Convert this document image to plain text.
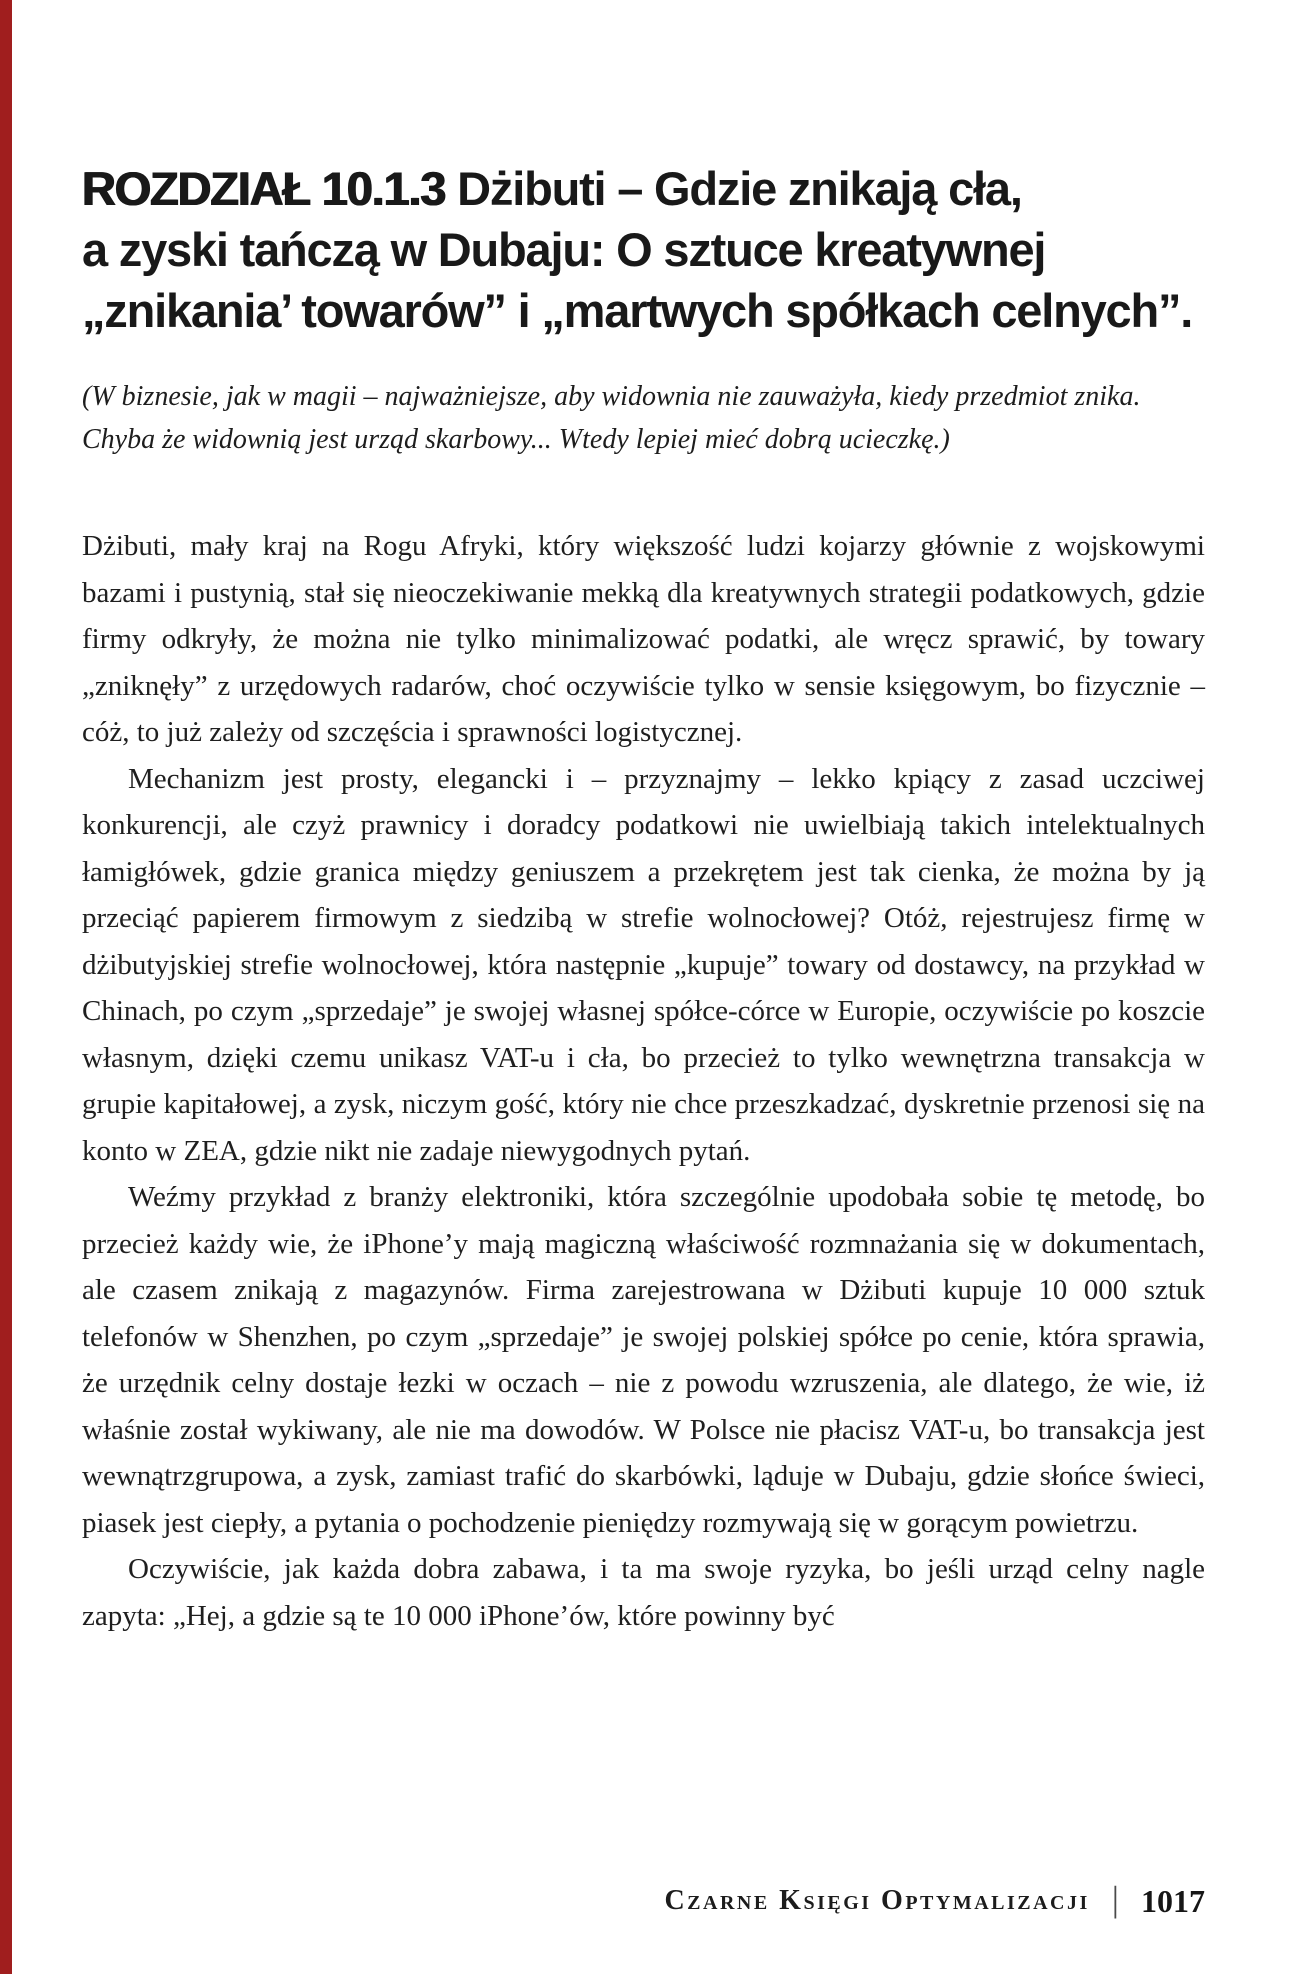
ROZDZIAŁ 10.1.3 Dżibuti – Gdzie znikają cła,
a zyski tańczą w Dubaju: O sztuce kreatywnej
„znikania’ towarów” i „martwych spółkach celnych”.

(W biznesie, jak w magii – najważniejsze, aby widownia nie zauważyła, kiedy przedmiot znika. Chyba że widownią jest urząd skarbowy... Wtedy lepiej mieć dobrą ucieczkę.)

Dżibuti, mały kraj na Rogu Afryki, który większość ludzi kojarzy głównie z wojskowymi bazami i pustynią, stał się nieoczekiwanie mekką dla kreatywnych strategii podatkowych, gdzie firmy odkryły, że można nie tylko minimalizować podatki, ale wręcz sprawić, by towary „zniknęły” z urzędowych radarów, choć oczywiście tylko w sensie księgowym, bo fizycznie – cóż, to już zależy od szczęścia i sprawności logistycznej.

Mechanizm jest prosty, elegancki i – przyznajmy – lekko kpiący z zasad uczciwej konkurencji, ale czyż prawnicy i doradcy podatkowi nie uwielbiają takich intelektualnych łamigłówek, gdzie granica między geniuszem a przekrętem jest tak cienka, że można by ją przeciąć papierem firmowym z siedzibą w strefie wolnocłowej? Otóż, rejestrujesz firmę w dżibutyjskiej strefie wolnocłowej, która następnie „kupuje” towary od dostawcy, na przykład w Chinach, po czym „sprzedaje” je swojej własnej spółce-córce w Europie, oczywiście po koszcie własnym, dzięki czemu unikasz VAT-u i cła, bo przecież to tylko wewnętrzna transakcja w grupie kapitałowej, a zysk, niczym gość, który nie chce przeszkadzać, dyskretnie przenosi się na konto w ZEA, gdzie nikt nie zadaje niewygodnych pytań.

Weźmy przykład z branży elektroniki, która szczególnie upodobała sobie tę metodę, bo przecież każdy wie, że iPhone’y mają magiczną właściwość rozmnażania się w dokumentach, ale czasem znikają z magazynów. Firma zarejestrowana w Dżibuti kupuje 10 000 sztuk telefonów w Shenzhen, po czym „sprzedaje” je swojej polskiej spółce po cenie, która sprawia, że urzędnik celny dostaje łezki w oczach – nie z powodu wzruszenia, ale dlatego, że wie, iż właśnie został wykiwany, ale nie ma dowodów. W Polsce nie płacisz VAT-u, bo transakcja jest wewnątrzgrupowa, a zysk, zamiast trafić do skarbówki, ląduje w Dubaju, gdzie słońce świeci, piasek jest ciepły, a pytania o pochodzenie pieniędzy rozmywają się w gorącym powietrzu.

Oczywiście, jak każda dobra zabawa, i ta ma swoje ryzyka, bo jeśli urząd celny nagle zapyta: „Hej, a gdzie są te 10 000 iPhone’ów, które powinny być

Czarne Księgi Optymalizacji | 1017
